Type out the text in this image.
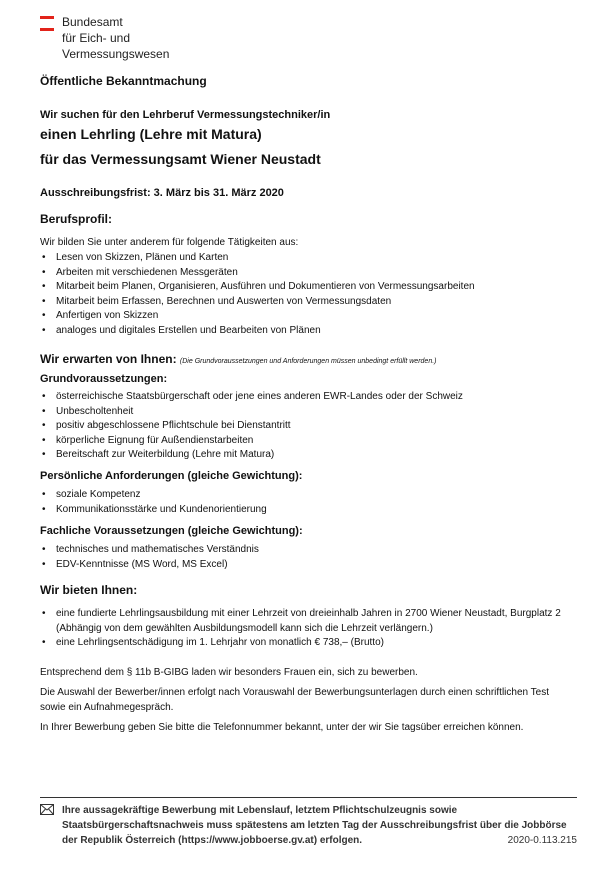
Bundesamt
für Eich- und
Vermessungswesen
Öffentliche Bekanntmachung
Wir suchen für den Lehrberuf Vermessungstechniker/in
einen Lehrling (Lehre mit Matura)
für das Vermessungsamt Wiener Neustadt
Ausschreibungsfrist: 3. März bis 31. März 2020
Berufsprofil:
Wir bilden Sie unter anderem für folgende Tätigkeiten aus:
• Lesen von Skizzen, Plänen und Karten
• Arbeiten mit verschiedenen Messgeräten
• Mitarbeit beim Planen, Organisieren, Ausführen und Dokumentieren von Vermessungsarbeiten
• Mitarbeit beim Erfassen, Berechnen und Auswerten von Vermessungsdaten
• Anfertigen von Skizzen
• analoges und digitales Erstellen und Bearbeiten von Plänen
Wir erwarten von Ihnen: (Die Grundvoraussetzungen und Anforderungen müssen unbedingt erfüllt werden.)
Grundvoraussetzungen:
• österreichische Staatsbürgerschaft oder jene eines anderen EWR-Landes oder der Schweiz
• Unbescholtenheit
• positiv abgeschlossene Pflichtschule bei Dienstantritt
• körperliche Eignung für Außendienstarbeiten
• Bereitschaft zur Weiterbildung (Lehre mit Matura)
Persönliche Anforderungen (gleiche Gewichtung):
• soziale Kompetenz
• Kommunikationsstärke und Kundenorientierung
Fachliche Voraussetzungen (gleiche Gewichtung):
• technisches und mathematisches Verständnis
• EDV-Kenntnisse (MS Word, MS Excel)
Wir bieten Ihnen:
• eine fundierte Lehrlingsausbildung mit einer Lehrzeit von dreieinhalb Jahren in 2700 Wiener Neustadt, Burgplatz 2 (Abhängig von dem gewählten Ausbildungsmodell kann sich die Lehrzeit verlängern.)
• eine Lehrlingsentschädigung im 1. Lehrjahr von monatlich € 738,– (Brutto)
Entsprechend dem § 11b B-GIBG laden wir besonders Frauen ein, sich zu bewerben.
Die Auswahl der Bewerber/innen erfolgt nach Vorauswahl der Bewerbungsunterlagen durch einen schriftlichen Test sowie ein Aufnahmegespräch.
In Ihrer Bewerbung geben Sie bitte die Telefonnummer bekannt, unter der wir Sie tagsüber erreichen können.
Ihre aussagekräftige Bewerbung mit Lebenslauf, letztem Pflichtschulzeugnis sowie Staatsbürgerschaftsnachweis muss spätestens am letzten Tag der Ausschreibungsfrist über die Jobbörse der Republik Österreich (https://www.jobboerse.gv.at) erfolgen.	2020-0.113.215
